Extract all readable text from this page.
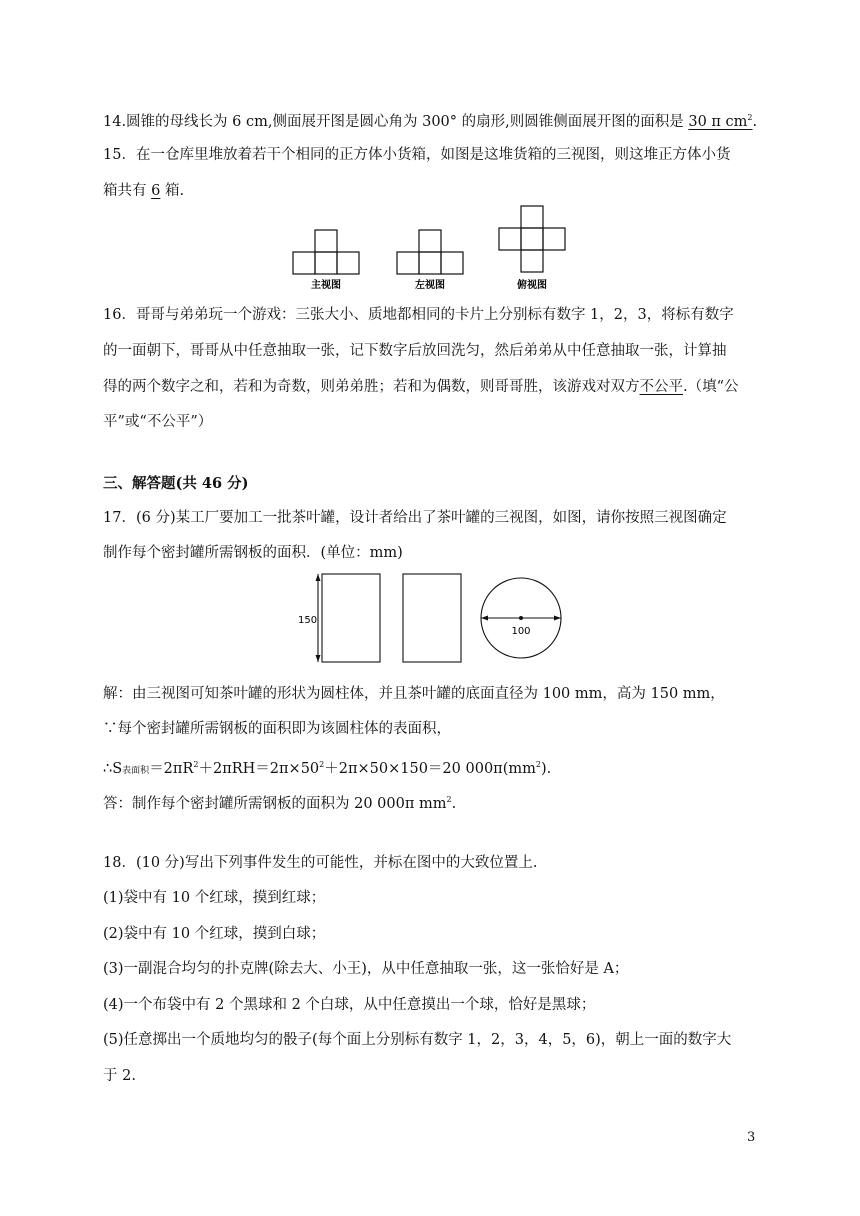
14.圆锥的母线长为 6 cm,侧面展开图是圆心角为 300° 的扇形,则圆锥侧面展开图的面积是 30 π $cm^2$.
15．在一仓库里堆放着若干个相同的正方体小货箱，如图是这堆货箱的三视图，则这堆正方体小货
箱共有 6 箱.
主视图	左视图	俯视图
16．哥哥与弟弟玩一个游戏：三张大小、质地都相同的卡片上分别标有数字 1，2，3，将标有数字
的一面朝下，哥哥从中任意抽取一张，记下数字后放回洗匀，然后弟弟从中任意抽取一张，计算抽
得的两个数字之和，若和为奇数，则弟弟胜；若和为偶数，则哥哥胜，该游戏对双方不公平.（填“公
平”或“不公平”）
三、解答题(共 46 分)
17．(6 分)某工厂要加工一批茶叶罐，设计者给出了茶叶罐的三视图，如图，请你按照三视图确定
制作每个密封罐所需钢板的面积．(单位：mm)
150
100
解：由三视图可知茶叶罐的形状为圆柱体，并且茶叶罐的底面直径为 100 mm，高为 150 mm，
∵每个密封罐所需钢板的面积即为该圆柱体的表面积，
∴S表面积$=2\pi R^2+2\pi RH=2\pi\times 50^2+2\pi\times 50\times 150=20$ $000\pi(mm^2)$.
答：制作每个密封罐所需钢板的面积为 20 000π $mm^2$.
18．(10 分)写出下列事件发生的可能性，并标在图中的大致位置上.
(1)袋中有 10 个红球，摸到红球；
(2)袋中有 10 个红球，摸到白球；
(3)一副混合均匀的扑克牌(除去大、小王)，从中任意抽取一张，这一张恰好是 A；
(4)一个布袋中有 2 个黑球和 2 个白球，从中任意摸出一个球，恰好是黑球；
(5)任意掷出一个质地均匀的骰子(每个面上分别标有数字 1，2，3，4，5，6)，朝上一面的数字大
于 2.
3
